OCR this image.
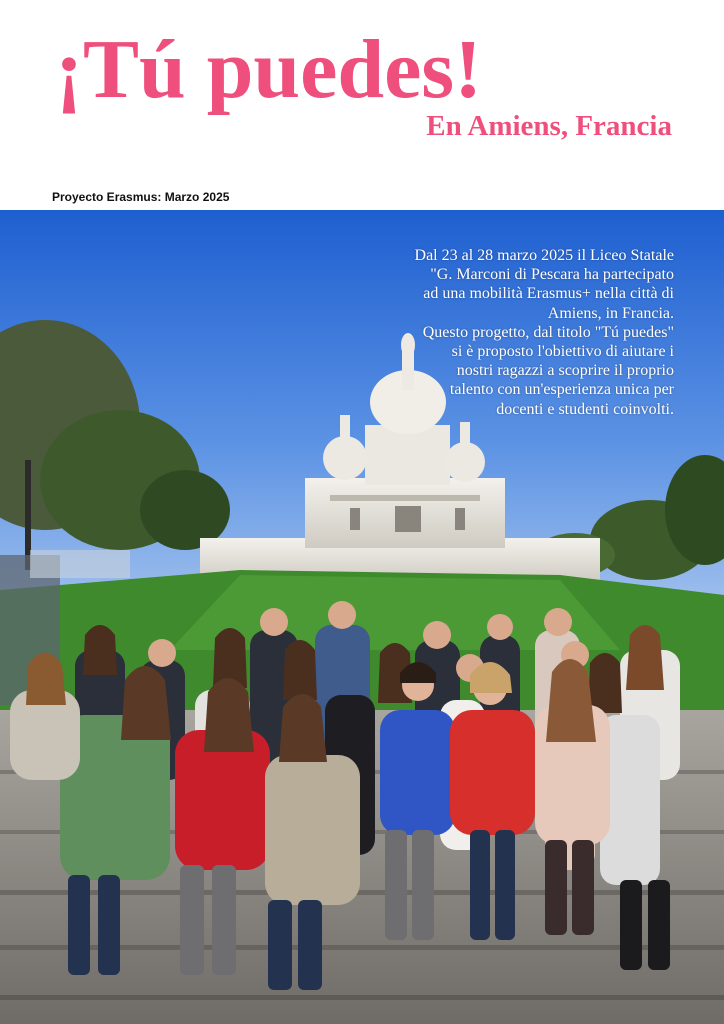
¡Tú puedes!
En Amiens, Francia
Proyecto Erasmus: Marzo 2025

Dal 23 al 28 marzo 2025 il Liceo Statale "G. Marconi di Pescara ha partecipato ad una mobilità Erasmus+ nella città di Amiens, in Francia.

Questo progetto, dal titolo "Tú puedes" si è proposto l'obiettivo di aiutare i nostri ragazzi a scoprire il proprio talento con un'esperienza unica per docenti e studenti coinvolti.
